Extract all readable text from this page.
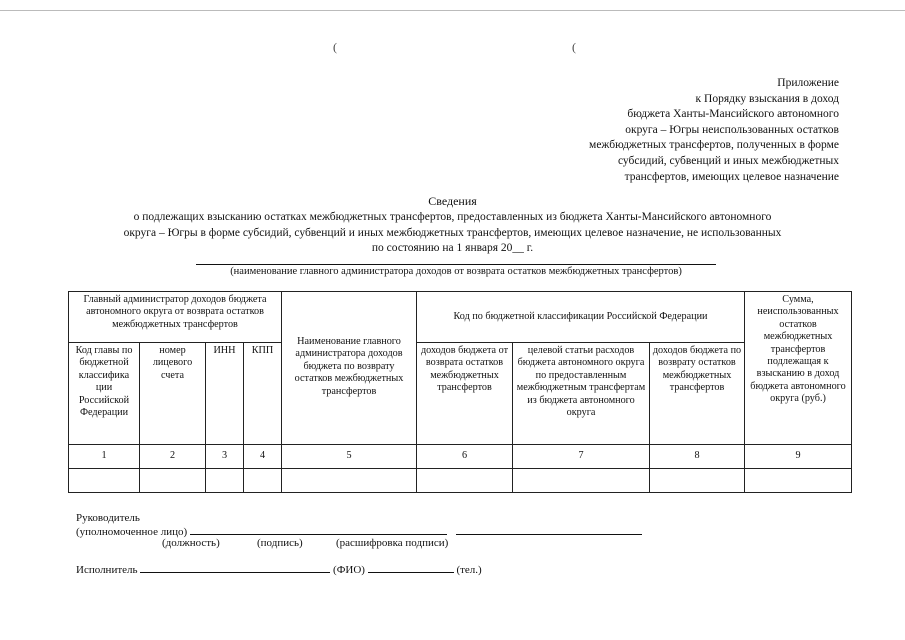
(	(
Приложение
к Порядку взыскания в доход
бюджета Ханты-Мансийского автономного
округа – Югры неиспользованных остатков
межбюджетных трансфертов, полученных в форме
субсидий, субвенций и иных межбюджетных
трансфертов, имеющих целевое назначение
Сведения
о подлежащих взысканию остатках межбюджетных трансфертов, предоставленных из бюджета Ханты-Мансийского автономного
округа – Югры в форме субсидий, субвенций и иных межбюджетных трансфертов, имеющих целевое назначение, не использованных
по состоянию на 1 января 20__ г.
(наименование главного администратора доходов от возврата остатков межбюджетных трансфертов)
Главный администратор доходов бюджета автономного округа от возврата остатков межбюджетных трансфертов				Наименование главного администратора доходов бюджета по возврату остатков межбюджетных трансфертов	Код по бюджетной классификации Российской Федерации			Сумма, неиспользованных остатков межбюджетных трансфертов подлежащая к взысканию в доход бюджета автономного округа (руб.)
Код главы по бюджетной классифика ции Российской Федерации	номер лицевого счета	ИНН	КПП		доходов бюджета от возврата остатков межбюджетных трансфертов	целевой статьи расходов бюджета автономного округа по предоставленным межбюджетным трансфертам из бюджета автономного округа	доходов бюджета по возврату остатков межбюджетных трансфертов	
1	2	3	4	5	6	7	8	9

Руководитель
(уполномоченное лицо)
(должность)	(подпись)	(расшифровка подписи)
Исполнитель	(ФИО)	(тел.)
